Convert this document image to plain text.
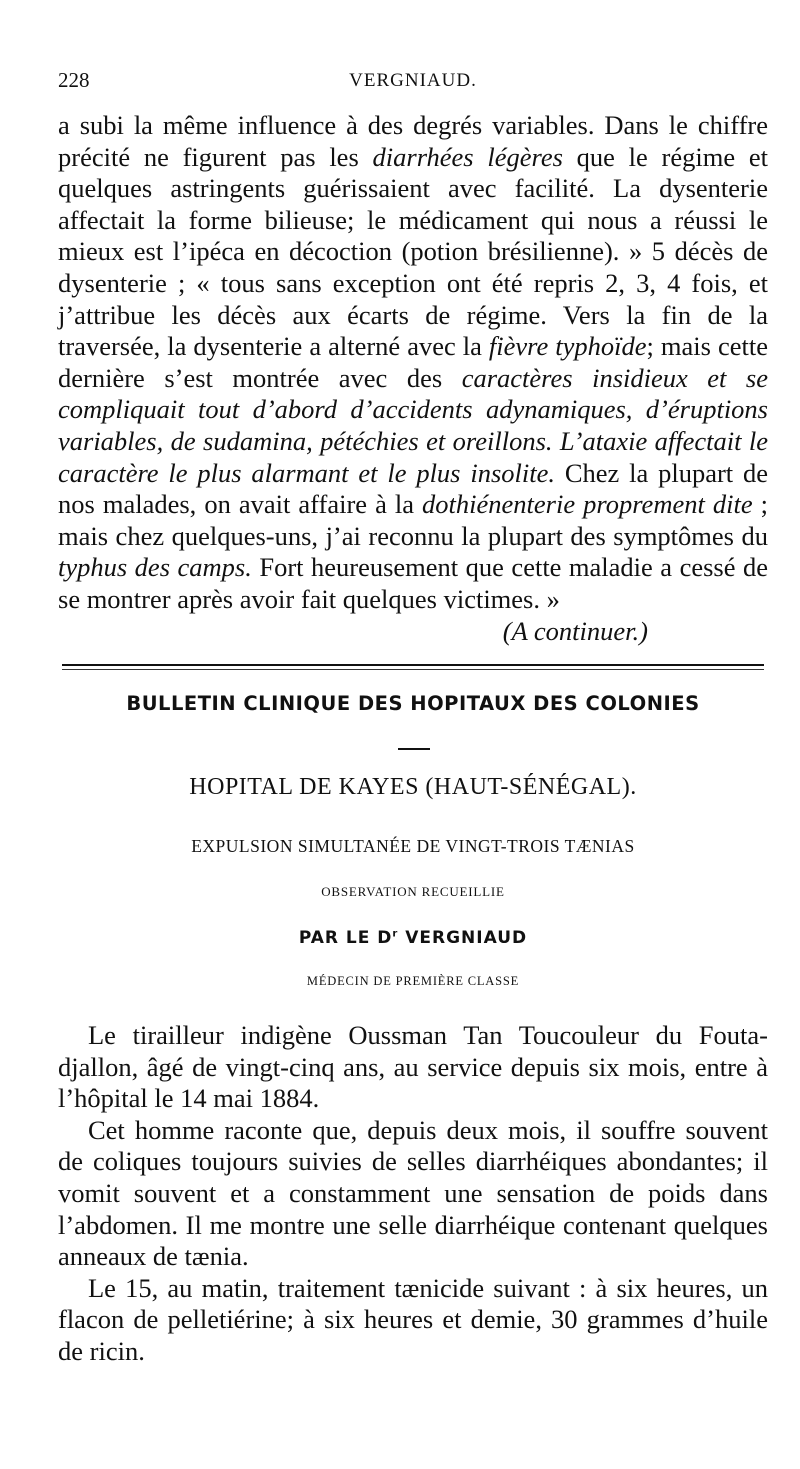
228	VERGNIAUD.

a subi la même influence à des degrés variables. Dans le chiffre précité ne figurent pas les diarrhées légères que le régime et quelques astringents guérissaient avec facilité. La dysenterie affectait la forme bilieuse; le médicament qui nous a réussi le mieux est l’ipéca en décoction (potion brésilienne). » 5 décès de dysenterie ; « tous sans exception ont été repris 2, 3, 4 fois, et j’attribue les décès aux écarts de régime. Vers la fin de la traversée, la dysenterie a alterné avec la fièvre typhoïde; mais cette dernière s’est montrée avec des caractères insidieux et se compliquait tout d’abord d’accidents adynamiques, d’éruptions variables, de sudamina, pétéchies et oreillons. L’ataxie affectait le caractère le plus alarmant et le plus insolite. Chez la plupart de nos malades, on avait affaire à la dothiénenterie proprement dite ; mais chez quelques-uns, j’ai reconnu la plupart des symptômes du typhus des camps. Fort heureusement que cette maladie a cessé de se montrer après avoir fait quelques victimes. »

(A continuer.)
BULLETIN CLINIQUE DES HOPITAUX DES COLONIES
HOPITAL DE KAYES (HAUT-SÉNÉGAL).
EXPULSION SIMULTANÉE DE VINGT-TROIS TÆNIAS
OBSERVATION RECUEILLIE
PAR LE $D^r$ VERGNIAUD
MÉDECIN DE PREMIÈRE CLASSE

Le tirailleur indigène Oussman Tan Toucouleur du Fouta-djallon, âgé de vingt-cinq ans, au service depuis six mois, entre à l’hôpital le 14 mai 1884.

Cet homme raconte que, depuis deux mois, il souffre souvent de coliques toujours suivies de selles diarrhéiques abondantes; il vomit souvent et a constamment une sensation de poids dans l’abdomen. Il me montre une selle diarrhéique contenant quelques anneaux de tænia.

Le 15, au matin, traitement tænicide suivant : à six heures, un flacon de pelletiérine; à six heures et demie, 30 grammes d’huile de ricin.
